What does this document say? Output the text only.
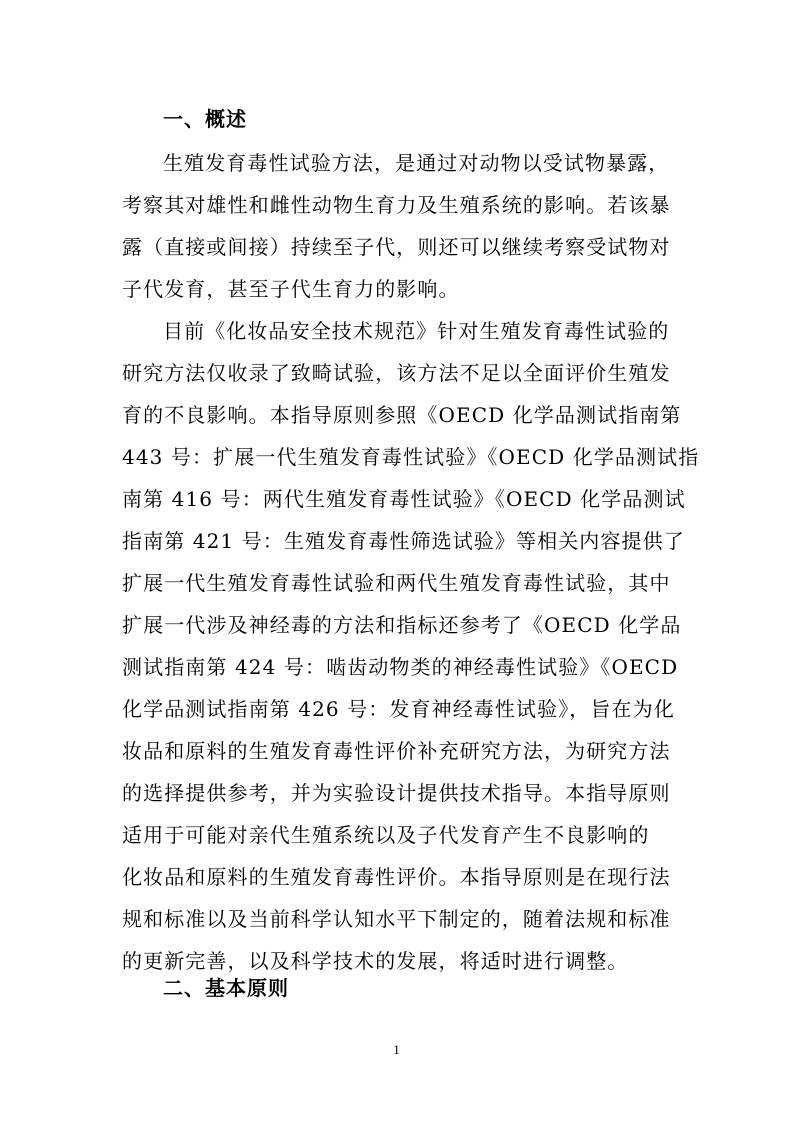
一、概述

生殖发育毒性试验方法，是通过对动物以受试物暴露，

考察其对雄性和雌性动物生育力及生殖系统的影响。若该暴

露（直接或间接）持续至子代，则还可以继续考察受试物对

子代发育，甚至子代生育力的影响。

目前《化妆品安全技术规范》针对生殖发育毒性试验的

研究方法仅收录了致畸试验，该方法不足以全面评价生殖发

育的不良影响。本指导原则参照《OECD 化学品测试指南第

443 号：扩展一代生殖发育毒性试验》《OECD 化学品测试指

南第 416 号：两代生殖发育毒性试验》《OECD 化学品测试

指南第 421 号：生殖发育毒性筛选试验》等相关内容提供了

扩展一代生殖发育毒性试验和两代生殖发育毒性试验，其中

扩展一代涉及神经毒的方法和指标还参考了《OECD 化学品

测试指南第 424 号：啮齿动物类的神经毒性试验》《OECD

化学品测试指南第 426 号：发育神经毒性试验》，旨在为化

妆品和原料的生殖发育毒性评价补充研究方法，为研究方法

的选择提供参考，并为实验设计提供技术指导。本指导原则

适用于可能对亲代生殖系统以及子代发育产生不良影响的

化妆品和原料的生殖发育毒性评价。本指导原则是在现行法

规和标准以及当前科学认知水平下制定的，随着法规和标准

的更新完善，以及科学技术的发展，将适时进行调整。

二、基本原则
1
